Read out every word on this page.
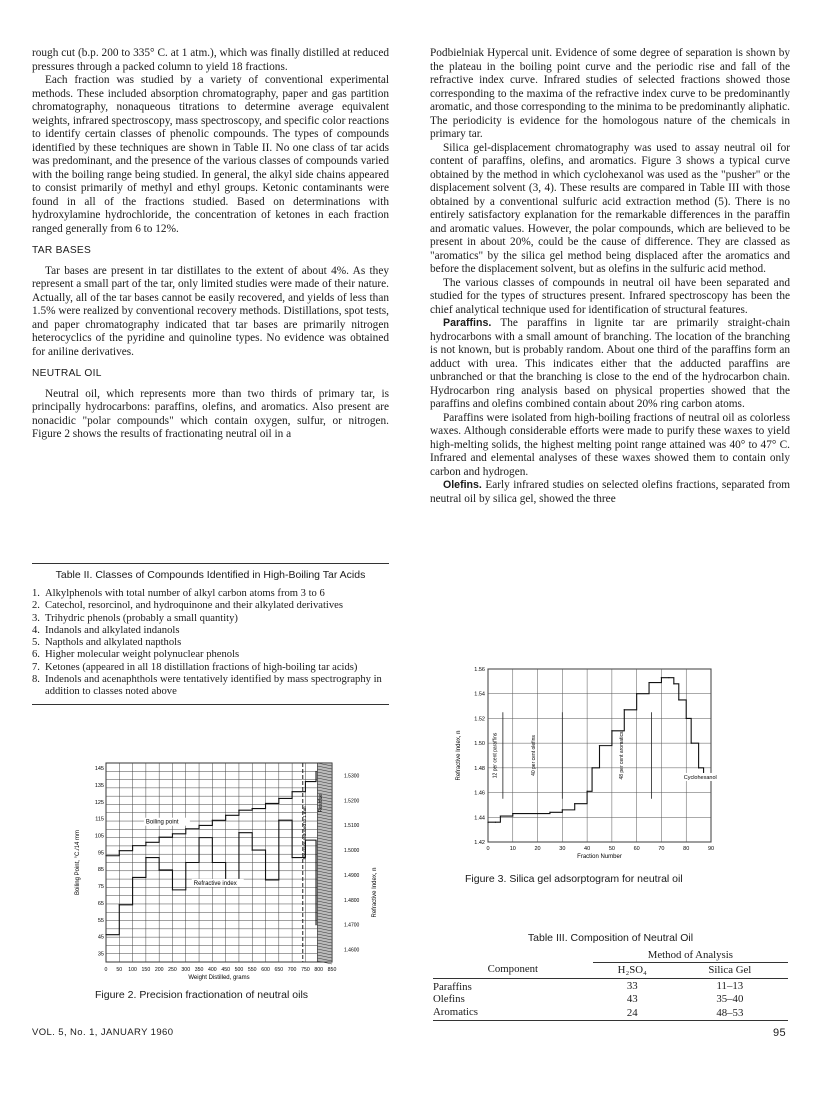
rough cut (b.p. 200 to 335° C. at 1 atm.), which was finally distilled at reduced pressures through a packed column to yield 18 fractions.

Each fraction was studied by a variety of conventional experimental methods. These included absorption chromatography, paper and gas partition chromatography, nonaqueous titrations to determine average equivalent weights, infrared spectroscopy, mass spectroscopy, and specific color reactions to identify certain classes of phenolic compounds. The types of compounds identified by these techniques are shown in Table II. No one class of tar acids was predominant, and the presence of the various classes of compounds varied with the boiling range being studied. In general, the alkyl side chains appeared to consist primarily of methyl and ethyl groups. Ketonic contaminants were found in all of the fractions studied. Based on determinations with hydroxylamine hydrochloride, the concentration of ketones in each fraction ranged generally from 6 to 12%.

TAR BASES

Tar bases are present in tar distillates to the extent of about 4%. As they represent a small part of the tar, only limited studies were made of their nature. Actually, all of the tar bases cannot be easily recovered, and yields of less than 1.5% were realized by conventional recovery methods. Distillations, spot tests, and paper chromatography indicated that tar bases are primarily nitrogen heterocyclics of the pyridine and quinoline types. No evidence was obtained for aniline derivatives.

NEUTRAL OIL

Neutral oil, which represents more than two thirds of primary tar, is principally hydrocarbons: paraffins, olefins, and aromatics. Also present are nonacidic "polar compounds" which contain oxygen, sulfur, or nitrogen. Figure 2 shows the results of fractionating neutral oil in a

Table II. Classes of Compounds Identified in High-Boiling Tar Acids
1. Alkylphenols with total number of alkyl carbon atoms from 3 to 6
2. Catechol, resorcinol, and hydroquinone and their alkylated derivatives
3. Trihydric phenols (probably a small quantity)
4. Indanols and alkylated indanols
5. Napthols and alkylated napthols
6. Higher molecular weight polynuclear phenols
7. Ketones (appeared in all 18 distillation fractions of high-boiling tar acids)
8. Indenols and acenaphthols were tentatively identified by mass spectrography in addition to classes noted above
0 50 100 150 200 250 300 350 400 450 500 550 600 650 700 750 800 850
Weight Distilled, grams
145
135
125
115
105
95
85
75
65
55
45
35
Boiling Point, °C./14 mm
1.5300
1.5200
1.5100
1.5000
1.4900
1.4800
1.4700
1.4600
Refractive Index, n
Boiling point
Refractive index
Residue
Pressure reduced to 1 mm
Figure 2. Precision fractionation of neutral oils

Podbielniak Hypercal unit. Evidence of some degree of separation is shown by the plateau in the boiling point curve and the periodic rise and fall of the refractive index curve. Infrared studies of selected fractions showed those corresponding to the maxima of the refractive index curve to be predominantly aromatic, and those corresponding to the minima to be predominantly aliphatic. The periodicity is evidence for the homologous nature of the chemicals in primary tar.

Silica gel-displacement chromatography was used to assay neutral oil for content of paraffins, olefins, and aromatics. Figure 3 shows a typical curve obtained by the method in which cyclohexanol was used as the "pusher" or the displacement solvent (3, 4). These results are compared in Table III with those obtained by a conventional sulfuric acid extraction method (5). There is no entirely satisfactory explanation for the remarkable differences in the paraffin and aromatic values. However, the polar compounds, which are believed to be present in about 20%, could be the cause of difference. They are classed as "aromatics" by the silica gel method being displaced after the aromatics and before the displacement solvent, but as olefins in the sulfuric acid method.

The various classes of compounds in neutral oil have been separated and studied for the types of structures present. Infrared spectroscopy has been the chief analytical technique used for identification of structural features.

Paraffins. The paraffins in lignite tar are primarily straight-chain hydrocarbons with a small amount of branching. The location of the branching is not known, but is probably random. About one third of the paraffins form an adduct with urea. This indicates either that the adducted paraffins are unbranched or that the branching is close to the end of the hydrocarbon chain. Hydrocarbon ring analysis based on physical properties showed that the paraffins and olefins combined contain about 20% ring carbon atoms.

Paraffins were isolated from high-boiling fractions of neutral oil as colorless waxes. Although considerable efforts were made to purify these waxes to yield high-melting solids, the highest melting point range attained was 40° to 47° C. Infrared and elemental analyses of these waxes showed them to contain only carbon and hydrogen.

Olefins. Early infrared studies on selected olefins fractions, separated from neutral oil by silica gel, showed the three

0	10	20	30	40	50	60	70	80	90
Fraction Number
1.56
1.54
1.52
1.50
1.48
1.46
1.44
1.42
Refractive Index, n	12 per cent paraffins	40 per cent olefins	48 per cent aromatics	Cyclohexanol
Figure 3. Silica gel adsorptogram for neutral oil
Table III. Composition of Neutral Oil
	Method of Analysis	
Component	H₂SO₄	Silica Gel
Paraffins	33	11–13
Olefins	43	35–40
Aromatics	24	48–53
VOL. 5, No. 1, JANUARY 1960	95
